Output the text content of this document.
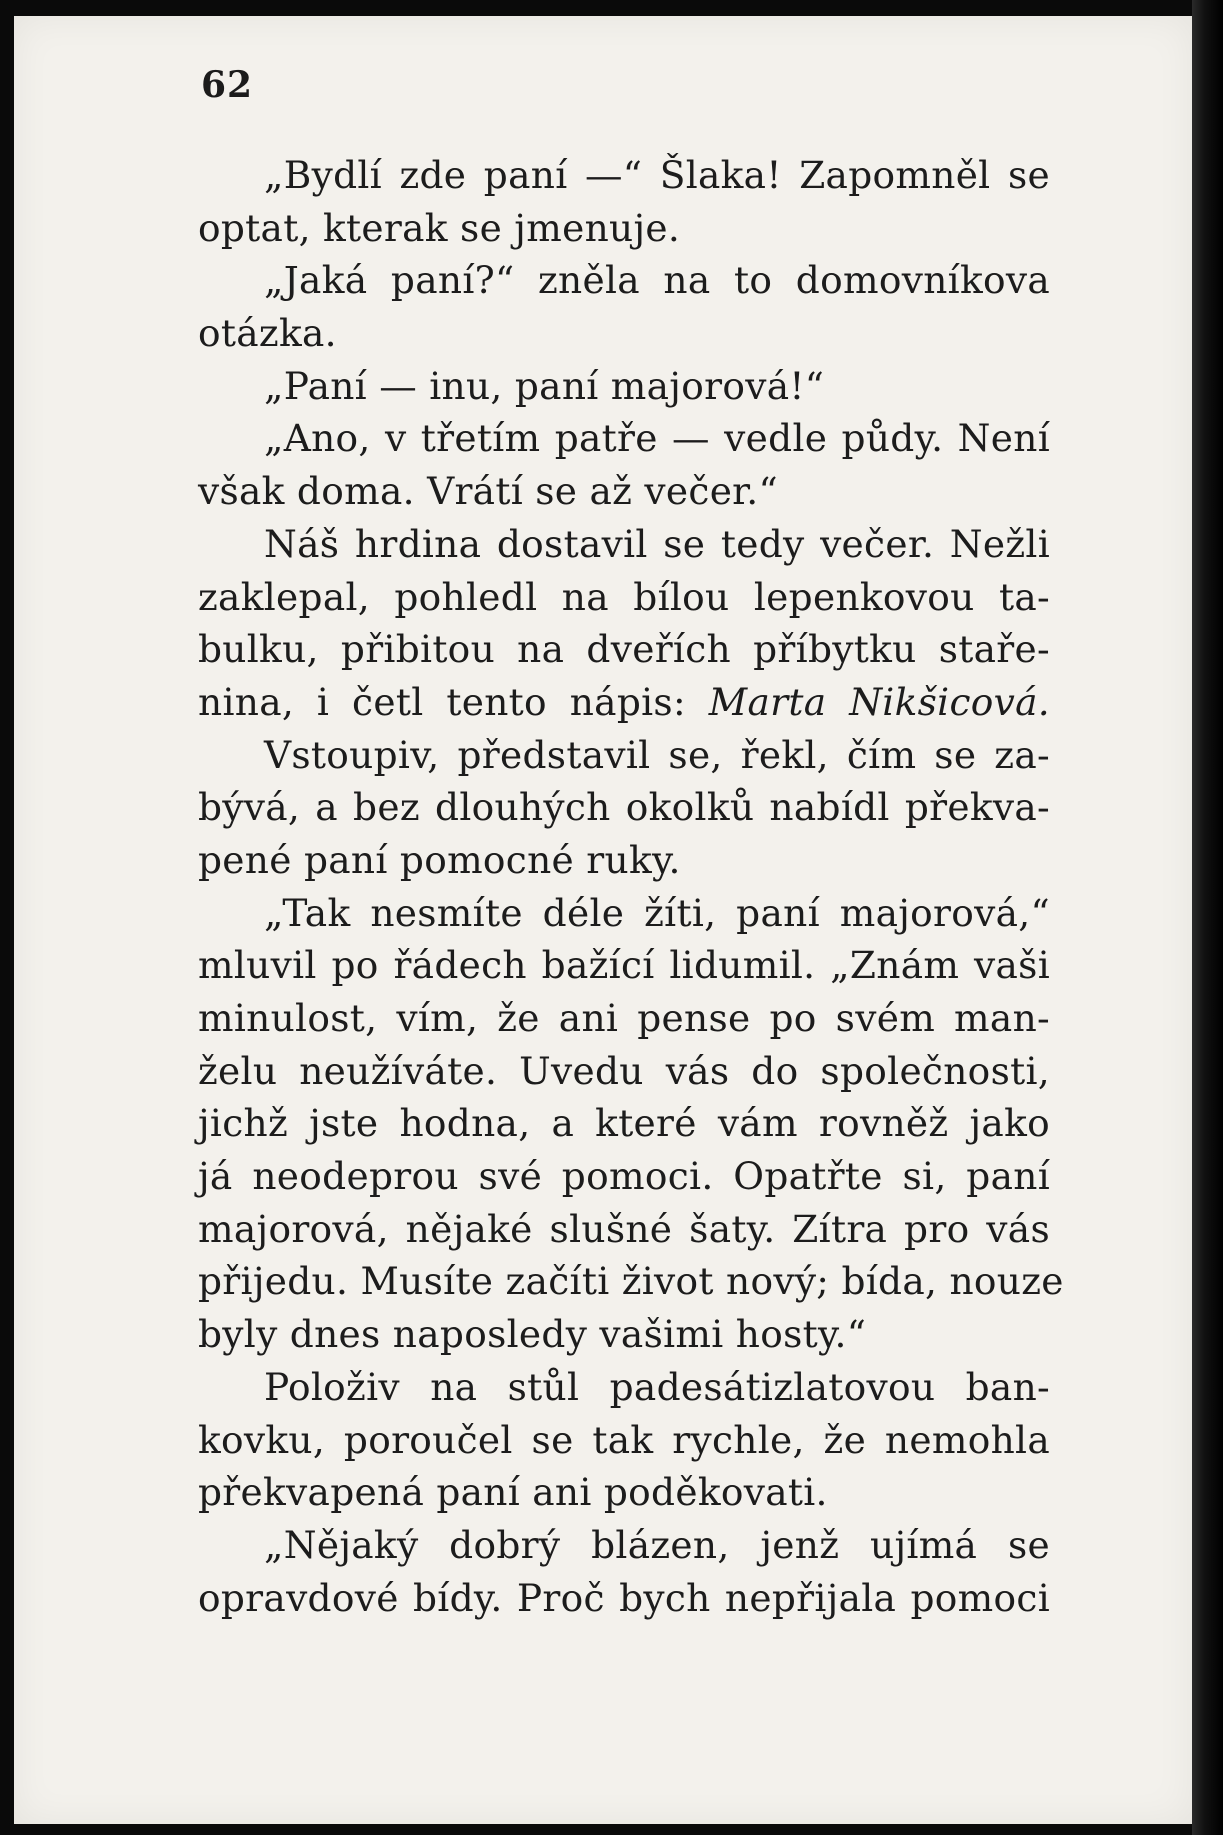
62
„Bydlí zde paní —“ Šlaka! Zapomněl se
optat, kterak se jmenuje.
„Jaká paní?“ zněla na to domovníkova
otázka.
„Paní — inu, paní majorová!“
„Ano, v třetím patře — vedle půdy. Není
však doma. Vrátí se až večer.“
Náš hrdina dostavil se tedy večer. Nežli
zaklepal, pohledl na bílou lepenkovou ta-
bulku, přibitou na dveřích příbytku staře-
nina, i četl tento nápis: Marta Nikšicová.
Vstoupiv, představil se, řekl, čím se za-
bývá, a bez dlouhých okolků nabídl překva-
pené paní pomocné ruky.
„Tak nesmíte déle žíti, paní majorová,“
mluvil po řádech bažící lidumil. „Znám vaši
minulost, vím, že ani pense po svém man-
želu neužíváte. Uvedu vás do společnosti,
jichž jste hodna, a které vám rovněž jako
já neodeprou své pomoci. Opatřte si, paní
majorová, nějaké slušné šaty. Zítra pro vás
přijedu. Musíte začíti život nový; bída, nouze
byly dnes naposledy vašimi hosty.“
Položiv na stůl padesátizlatovou ban-
kovku, poroučel se tak rychle, že nemohla
překvapená paní ani poděkovati.
„Nějaký dobrý blázen, jenž ujímá se
opravdové bídy. Proč bych nepřijala pomoci
